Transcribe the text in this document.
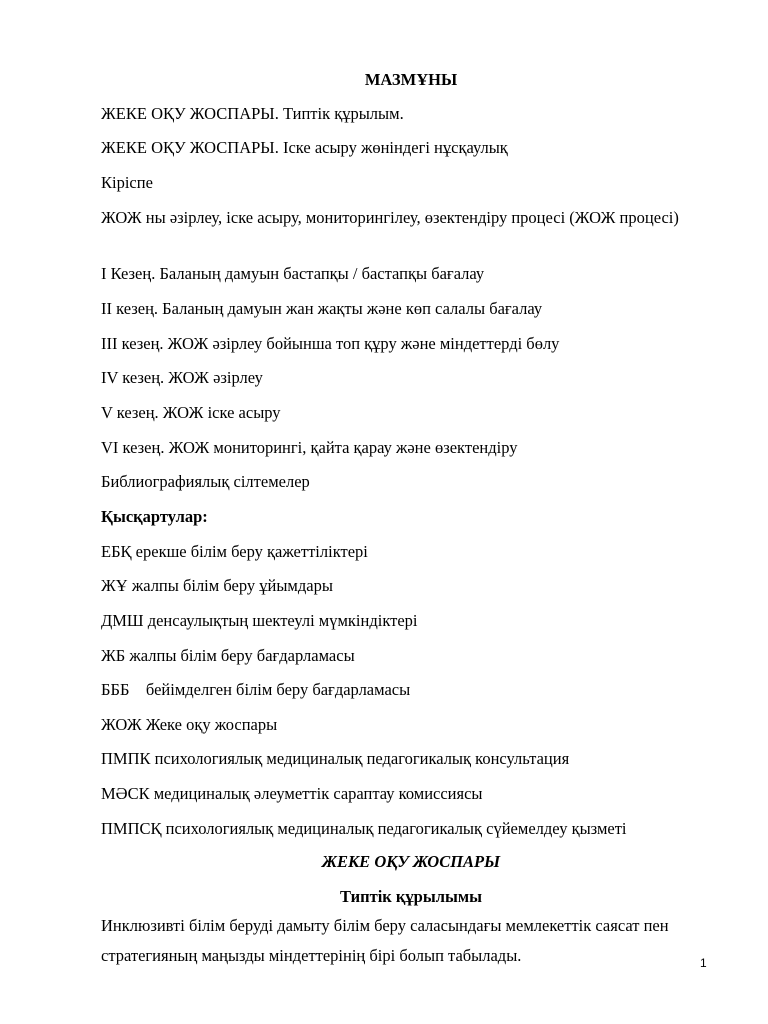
МАЗМҰНЫ
ЖЕКЕ ОҚУ ЖОСПАРЫ. Типтік құрылым.
ЖЕКЕ ОҚУ ЖОСПАРЫ. Іске асыру жөніндегі нұсқаулық
Кіріспе
ЖОЖ ны әзірлеу, іске асыру, мониторингілеу, өзектендіру процесі (ЖОЖ процесі)
І Кезең. Баланың дамуын бастапқы / бастапқы бағалау
ІІ кезең. Баланың дамуын жан жақты және көп салалы бағалау
ІІІ кезең. ЖОЖ әзірлеу бойынша топ құру және міндеттерді бөлу
ІV кезең. ЖОЖ әзірлеу
V кезең. ЖОЖ іске асыру
VІ кезең. ЖОЖ мониторингі, қайта қарау және өзектендіру
Библиографиялық сілтемелер
Қысқартулар:
ЕБҚ ерекше білім беру қажеттіліктері
ЖҰ жалпы білім беру ұйымдары
ДМШ денсаулықтың шектеулі мүмкіндіктері
ЖБ жалпы білім беру бағдарламасы
БББ    бейімделген білім беру бағдарламасы
ЖОЖ Жеке оқу жоспары
ПМПК психологиялық медициналық педагогикалық консультация
МӘСК медициналық әлеуметтік сараптау комиссиясы
ПМПСҚ психологиялық медициналық педагогикалық сүйемелдеу қызметі
ЖЕКЕ ОҚУ ЖОСПАРЫ
Типтік құрылымы
Инклюзивті білім беруді дамыту білім беру саласындағы мемлекеттік саясат пен
стратегияның маңызды міндеттерінің бірі болып табылады.	1
